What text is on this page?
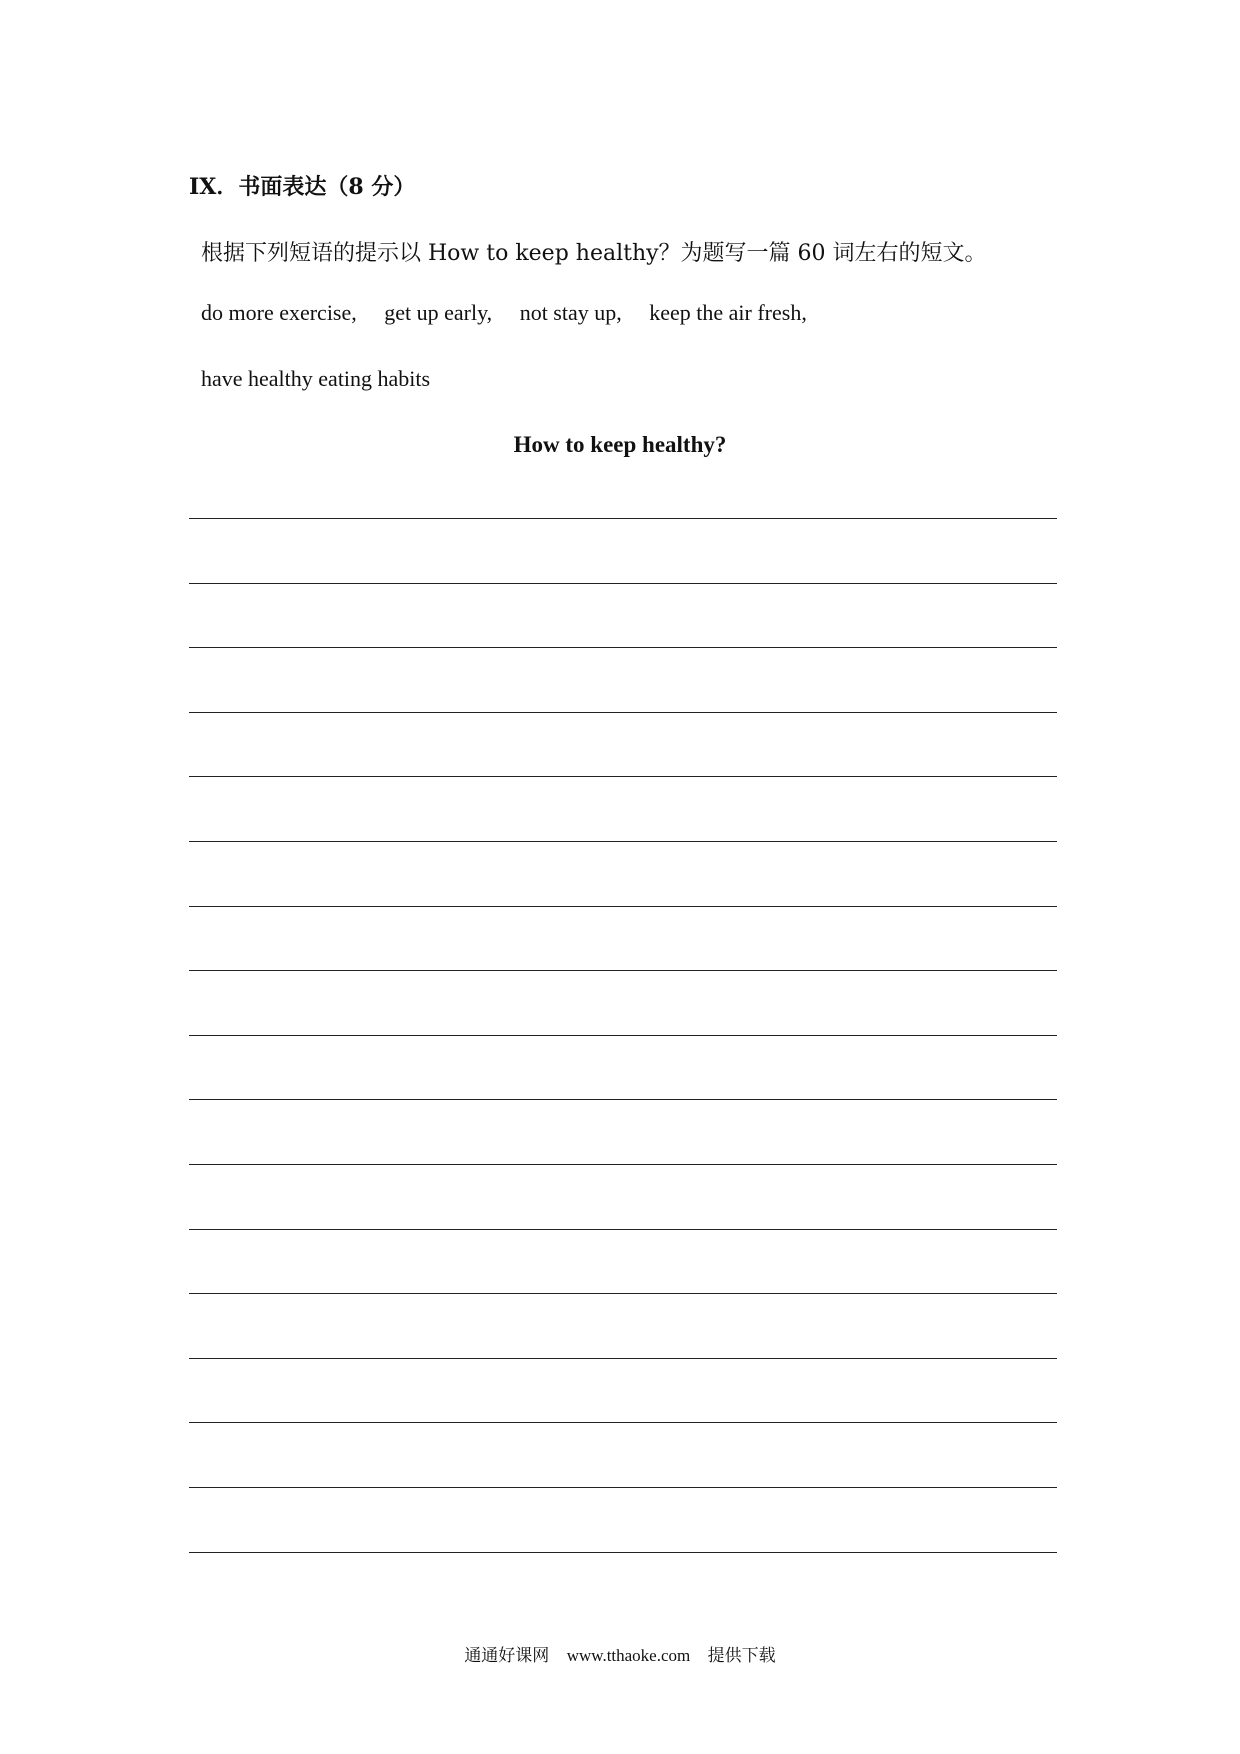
IX．书面表达（8 分）
根据下列短语的提示以 How to keep healthy？为题写一篇 60 词左右的短文。
do more exercise, get up early, not stay up, keep the air fresh,
have healthy eating habits
How to keep healthy?
通通好课网 www.tthaoke.com 提供下载
